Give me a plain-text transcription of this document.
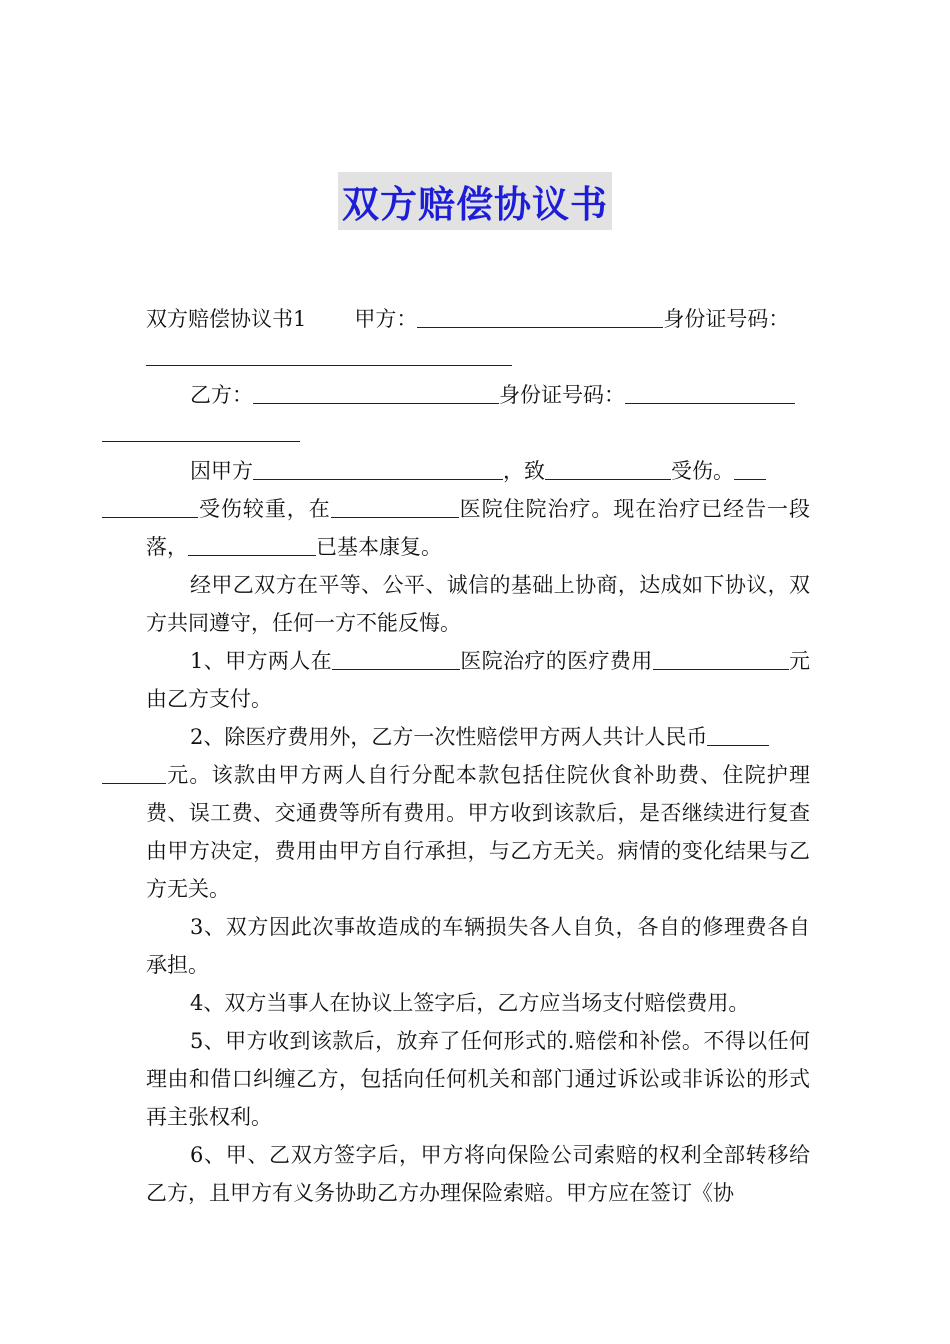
双方赔偿协议书

双方赔偿协议书1 甲方：	身份证号码：

乙方：	身份证号码：

因甲方	，致	受伤。
受伤较重，在	医院住院治疗。现在治疗已经告一段落，	已基本康复。

经甲乙双方在平等、公平、诚信的基础上协商，达成如下协议，双方共同遵守，任何一方不能反悔。

1、甲方两人在	医院治疗的医疗费用	元由乙方支付。

2、除医疗费用外，乙方一次性赔偿甲方两人共计人民币
元。该款由甲方两人自行分配本款包括住院伙食补助费、住院护理费、误工费、交通费等所有费用。甲方收到该款后，是否继续进行复查由甲方决定，费用由甲方自行承担，与乙方无关。病情的变化结果与乙方无关。

3、双方因此次事故造成的车辆损失各人自负，各自的修理费各自承担。

4、双方当事人在协议上签字后，乙方应当场支付赔偿费用。

5、甲方收到该款后，放弃了任何形式的.赔偿和补偿。不得以任何理由和借口纠缠乙方，包括向任何机关和部门通过诉讼或非诉讼的形式再主张权利。

6、甲、乙双方签字后，甲方将向保险公司索赔的权利全部转移给乙方，且甲方有义务协助乙方办理保险索赔。甲方应在签订《协
